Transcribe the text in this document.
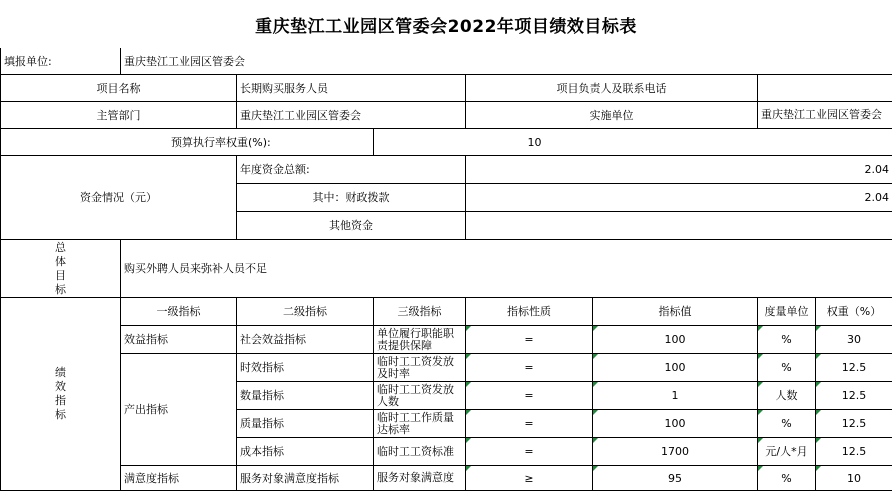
重庆垫江工业园区管委会2022年项目绩效目标表
填报单位:	重庆垫江工业园区管委会						
项目名称		长期购买服务人员		项目负责人及联系电话			
主管部门		重庆垫江工业园区管委会		实施单位		重庆垫江工业园区管委会	
预算执行率权重(%):			10				
资金情况（元）		年度资金总额:		2.04			
		其中：财政拨款		2.04			
		其他资金					
总体目标	购买外聘人员来弥补人员不足						
绩效指标	一级指标	二级指标	三级指标	指标性质	指标值	度量单位	权重（%）
	效益指标	社会效益指标	单位履行职能职责提供保障	=	100	%	30
	产出指标	时效指标	临时工工资发放及时率	=	100	%	12.5
		数量指标	临时工工资发放人数	=	1	人数	12.5
		质量指标	临时工工作质量达标率	=	100	%	12.5
		成本指标	临时工工资标准	=	1700	元/人*月	12.5
	满意度指标	服务对象满意度指标	服务对象满意度	≥	95	%	10
